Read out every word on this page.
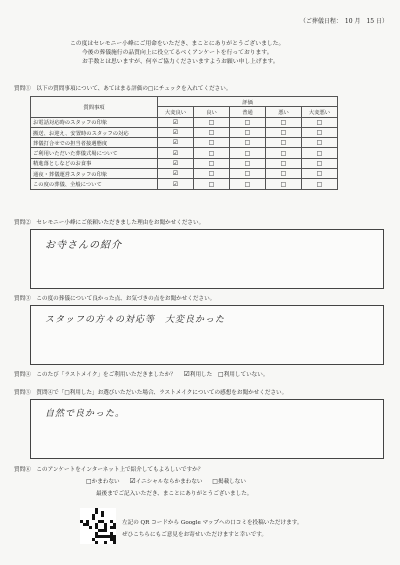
（ご葬儀日程：　10 月　15 日）
この度はセレモニー小峰にご用命をいただき、まことにありがとうございました。
今後の葬儀施行の品質向上に役立てるべくアンケートを行っております。
お手数とは思いますが、何卒ご協力くださいますようお願い申し上げます。
質問①　以下の質問事項について、あてはまる評価の□にチェックを入れてください。
質問事項	評価				
	大変良い	良い	普通	悪い	大変悪い
お電話対応時のスタッフの印象	☑	□	□	□	□
搬送、お迎え、安置時のスタッフの対応	☑	□	□	□	□
葬儀打合せでの担当者接遇態度	☑	□	□	□	□
ご利用いただいた葬儀式場について	☑	□	□	□	□
精進落としなどのお食事	☑	□	□	□	□
通夜・葬儀運営スタッフの印象	☑	□	□	□	□
この度の葬儀、全般について	☑	□	□	□	□
質問②　セレモニー小峰にご依頼いただきました理由をお聞かせください。
お寺さんの紹介
質問③　この度の葬儀について良かった点、お気づきの点をお聞かせください。
スタッフの方々の対応等　大変良かった
質問④　このたび「ラストメイク」をご利用いただきましたか？ ☑利用した □利用していない。
質問⑤　質問④で「□利用した」お選びいただいた場合、ラストメイクについての感想をお聞かせください。
自然で良かった。
質問⑥　このアンケートをインターネット上で紹介してもよろしいですか？
□かまわない ☑イニシャルならかまわない □掲載しない
最後までご記入いただき、まことにありがとうございました。
左記の QR コードから Google マップへの口コミを投稿いただけます。
ぜひこちらにもご意見をお寄せいただけますと幸いです。
